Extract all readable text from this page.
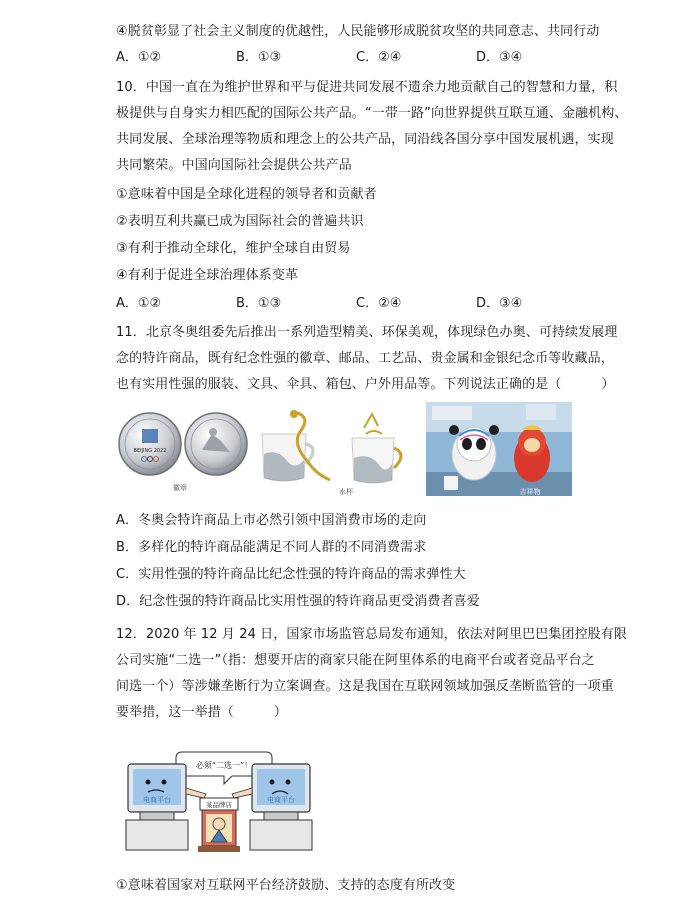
④脱贫彰显了社会主义制度的优越性，人民能够形成脱贫攻坚的共同意志、共同行动
A．①②	B．①③	C．②④	D．③④
10．中国一直在为维护世界和平与促进共同发展不遗余力地贡献自己的智慧和力量，积
极提供与自身实力相匹配的国际公共产品。“一带一路”向世界提供互联互通、金融机构、
共同发展、全球治理等物质和理念上的公共产品，同沿线各国分享中国发展机遇，实现
共同繁荣。中国向国际社会提供公共产品
①意味着中国是全球化进程的领导者和贡献者
②表明互利共赢已成为国际社会的普遍共识
③有利于推动全球化，维护全球自由贸易
④有利于促进全球治理体系变革
A．①②	B．①③	C．②④	D．③④
11．北京冬奥组委先后推出一系列造型精美、环保美观，体现绿色办奥、可持续发展理
念的特许商品，既有纪念性强的徽章、邮品、工艺品、贵金属和金银纪念币等收藏品，
也有实用性强的服装、文具、伞具、箱包、户外用品等。下列说法正确的是（	）
BEIJING 2022
徽章	水杯	吉祥物
A．冬奥会特许商品上市必然引领中国消费市场的走向
B．多样化的特许商品能满足不同人群的不同消费需求
C．实用性强的特许商品比纪念性强的特许商品的需求弹性大
D．纪念性强的特许商品比实用性强的特许商品更受消费者喜爱
12．2020 年 12 月 24 日，国家市场监管总局发布通知，依法对阿里巴巴集团控股有限
公司实施“二选一”（指：想要开店的商家只能在阿里体系的电商平台或者竞品平台之
间选一个）等涉嫌垄断行为立案调查。这是我国在互联网领域加强反垄断监管的一项重
要举措，这一举措（	）
必须“二选一”！
电商平台	电商平台
某品牌店
①意味着国家对互联网平台经济鼓励、支持的态度有所改变
